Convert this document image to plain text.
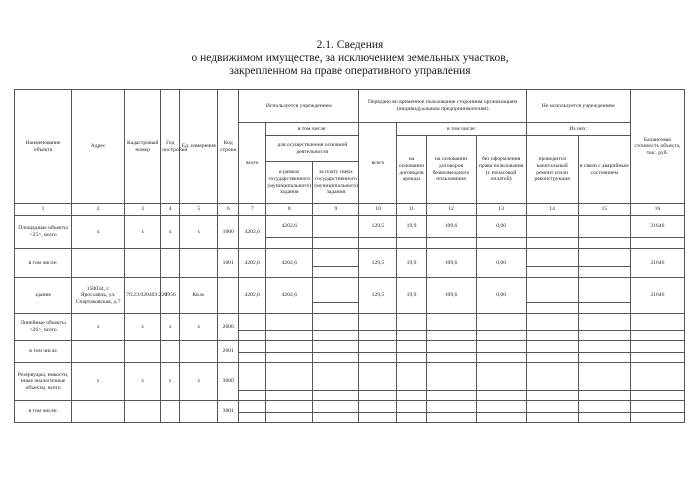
2.1. Сведения
о недвижимом имуществе, за исключением земельных участков,
закрепленном на праве оперативного управления
Наименование объекта	Адрес	Кадастровый номер	Год постройки	Ед. измерения	Код строки	Используется учреждением			Передано во временное пользование сторонним организациям (индивидуальным предпринимателям)				Не используется учреждением		Балансовая стоимость объекта, тыс. руб.
						всего	в том числе:		всего	в том числе:			Из них:		
							для осуществления основной деятельности			на основании договоров аренды	на основании договоров безвозмездного пользования	без оформления права пользования (с почасовой оплатой)	проводится капитальный ремонт и/или реконструкция	в связи с аварийным состоянием	
							в рамках государственного (муниципального) задания	за плату сверх государственного (муниципального) задания							
1	2	3	4	5	6	7	8	9	10	11	12	13	14	15	16
Площадные объекты <25>, всего	х	х	х	х	1000	4202,6	4202,6		129,5	19,9	109,6	0,00			31646

в том числе:					1001	4202,6	4202,6		129,5	19,9	109,6	0,00			31646

здание	150034, г. Ярославль, ул. Спартаковская, д.7	76:23:020403:220	1956	Кв.м.		4202,6	4202,6		129,5	19,9	109,6	0,00			31646

Линейные объекты <26>, всего	х	х	х	х	2000										

в том числе					2001										

Резервуары, емкости, иные аналогичные объекты, всего	х	х	х	х	3000										

в том числе:					3001										
